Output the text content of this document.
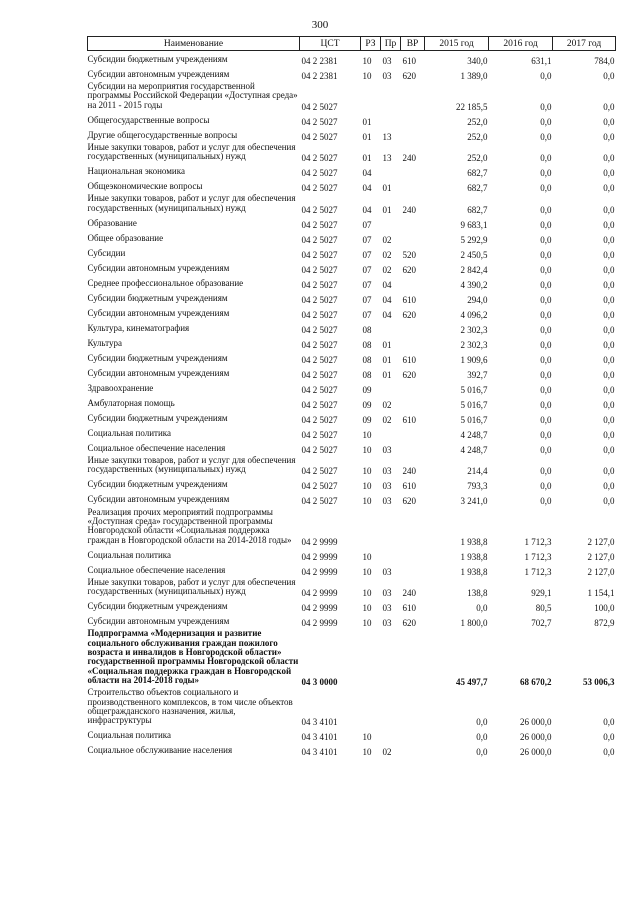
300
Наименование	ЦСТ	РЗ	Пр	ВР	2015 год	2016 год	2017 год
Субсидии бюджетным учреждениям	04 2 2381	10	03	610	340,0	631,1	784,0
Субсидии автономным учреждениям	04 2 2381	10	03	620	1 389,0	0,0	0,0
Субсидии на мероприятия государственной программы Российской Федерации «Доступная среда» на 2011 - 2015 годы	04 2 5027				22 185,5	0,0	0,0
Общегосударственные вопросы	04 2 5027	01			252,0	0,0	0,0
Другие общегосударственные вопросы	04 2 5027	01	13		252,0	0,0	0,0
Иные закупки товаров, работ и услуг для обеспечения государственных (муниципальных) нужд	04 2 5027	01	13	240	252,0	0,0	0,0
Национальная экономика	04 2 5027	04			682,7	0,0	0,0
Общеэкономические вопросы	04 2 5027	04	01		682,7	0,0	0,0
Иные закупки товаров, работ и услуг для обеспечения государственных (муниципальных) нужд	04 2 5027	04	01	240	682,7	0,0	0,0
Образование	04 2 5027	07			9 683,1	0,0	0,0
Общее образование	04 2 5027	07	02		5 292,9	0,0	0,0
Субсидии	04 2 5027	07	02	520	2 450,5	0,0	0,0
Субсидии автономным учреждениям	04 2 5027	07	02	620	2 842,4	0,0	0,0
Среднее профессиональное образование	04 2 5027	07	04		4 390,2	0,0	0,0
Субсидии бюджетным учреждениям	04 2 5027	07	04	610	294,0	0,0	0,0
Субсидии автономным учреждениям	04 2 5027	07	04	620	4 096,2	0,0	0,0
Культура, кинематография	04 2 5027	08			2 302,3	0,0	0,0
Культура	04 2 5027	08	01		2 302,3	0,0	0,0
Субсидии бюджетным учреждениям	04 2 5027	08	01	610	1 909,6	0,0	0,0
Субсидии автономным учреждениям	04 2 5027	08	01	620	392,7	0,0	0,0
Здравоохранение	04 2 5027	09			5 016,7	0,0	0,0
Амбулаторная помощь	04 2 5027	09	02		5 016,7	0,0	0,0
Субсидии бюджетным учреждениям	04 2 5027	09	02	610	5 016,7	0,0	0,0
Социальная политика	04 2 5027	10			4 248,7	0,0	0,0
Социальное обеспечение населения	04 2 5027	10	03		4 248,7	0,0	0,0
Иные закупки товаров, работ и услуг для обеспечения государственных (муниципальных) нужд	04 2 5027	10	03	240	214,4	0,0	0,0
Субсидии бюджетным учреждениям	04 2 5027	10	03	610	793,3	0,0	0,0
Субсидии автономным учреждениям	04 2 5027	10	03	620	3 241,0	0,0	0,0
Реализация прочих мероприятий подпрограммы «Доступная среда» государственной программы Новгородской области «Социальная поддержка граждан в Новгородской области на 2014-2018 годы»	04 2 9999				1 938,8	1 712,3	2 127,0
Социальная политика	04 2 9999	10			1 938,8	1 712,3	2 127,0
Социальное обеспечение населения	04 2 9999	10	03		1 938,8	1 712,3	2 127,0
Иные закупки товаров, работ и услуг для обеспечения государственных (муниципальных) нужд	04 2 9999	10	03	240	138,8	929,1	1 154,1
Субсидии бюджетным учреждениям	04 2 9999	10	03	610	0,0	80,5	100,0
Субсидии автономным учреждениям	04 2 9999	10	03	620	1 800,0	702,7	872,9
Подпрограмма «Модернизация и развитие социального обслуживания граждан пожилого возраста и инвалидов в Новгородской области» государственной программы Новгородской области «Социальная поддержка граждан в Новгородской области на 2014-2018 годы»	04 3 0000				45 497,7	68 670,2	53 006,3
Строительство объектов социального и производственного комплексов, в том числе объектов общегражданского назначения, жилья, инфраструктуры	04 3 4101				0,0	26 000,0	0,0
Социальная политика	04 3 4101	10			0,0	26 000,0	0,0
Социальное обслуживание населения	04 3 4101	10	02		0,0	26 000,0	0,0
